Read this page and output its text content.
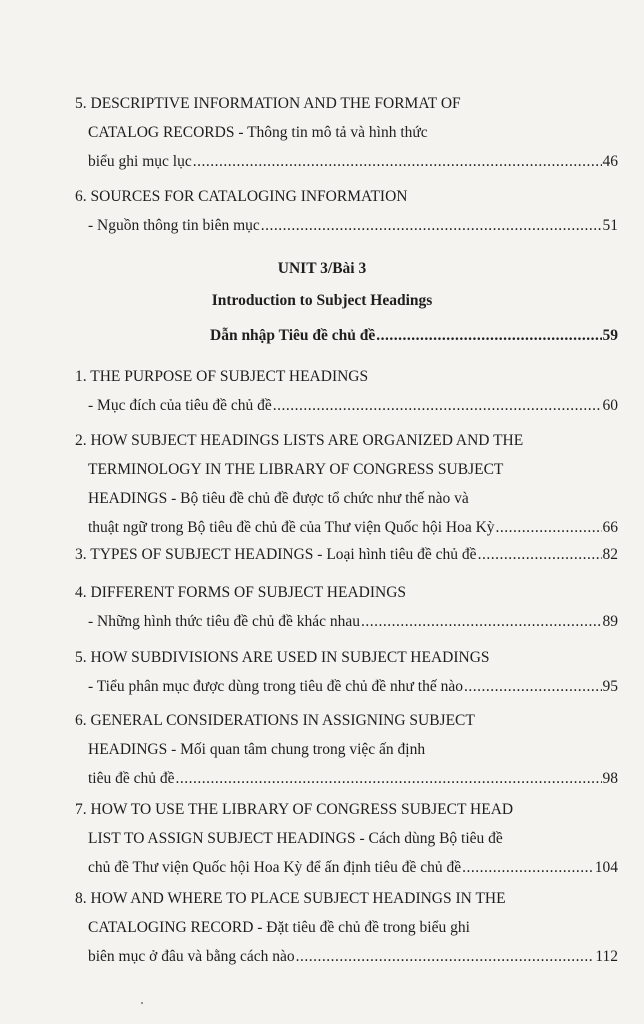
5. DESCRIPTIVE INFORMATION AND THE FORMAT OF
CATALOG RECORDS - Thông tin mô tả và hình thức
biểu ghi mục lục .....	46
6. SOURCES FOR CATALOGING INFORMATION
- Nguồn thông tin biên mục .....	51
UNIT 3/Bài 3
Introduction to Subject Headings
Dẫn nhập Tiêu đề chủ đề .....	59
1. THE PURPOSE OF SUBJECT HEADINGS
- Mục đích của tiêu đề chủ đề .....	60
2. HOW SUBJECT HEADINGS LISTS ARE ORGANIZED AND THE
TERMINOLOGY IN THE LIBRARY OF CONGRESS SUBJECT
HEADINGS - Bộ tiêu đề chủ đề được tổ chức như thế nào và
thuật ngữ trong Bộ tiêu đề chủ đề của Thư viện Quốc hội Hoa Kỳ .....	66
3. TYPES OF SUBJECT HEADINGS - Loại hình tiêu đề chủ đề .....	82
4. DIFFERENT FORMS OF SUBJECT HEADINGS
- Những hình thức tiêu đề chủ đề khác nhau .....	89
5. HOW SUBDIVISIONS ARE USED IN SUBJECT HEADINGS
- Tiểu phân mục được dùng trong tiêu đề chủ đề như thế nào .....	95
6. GENERAL CONSIDERATIONS IN ASSIGNING SUBJECT
HEADINGS - Mối quan tâm chung trong việc ấn định
tiêu đề chủ đề .....	98
7. HOW TO USE THE LIBRARY OF CONGRESS SUBJECT HEAD
LIST TO ASSIGN SUBJECT HEADINGS - Cách dùng Bộ tiêu đề
chủ đề Thư viện Quốc hội Hoa Kỳ để ấn định tiêu đề chủ đề .....	104
8. HOW AND WHERE TO PLACE SUBJECT HEADINGS IN THE
CATALOGING RECORD - Đặt tiêu đề chủ đề trong biểu ghi
biên mục ở đâu và bằng cách nào .....	112
